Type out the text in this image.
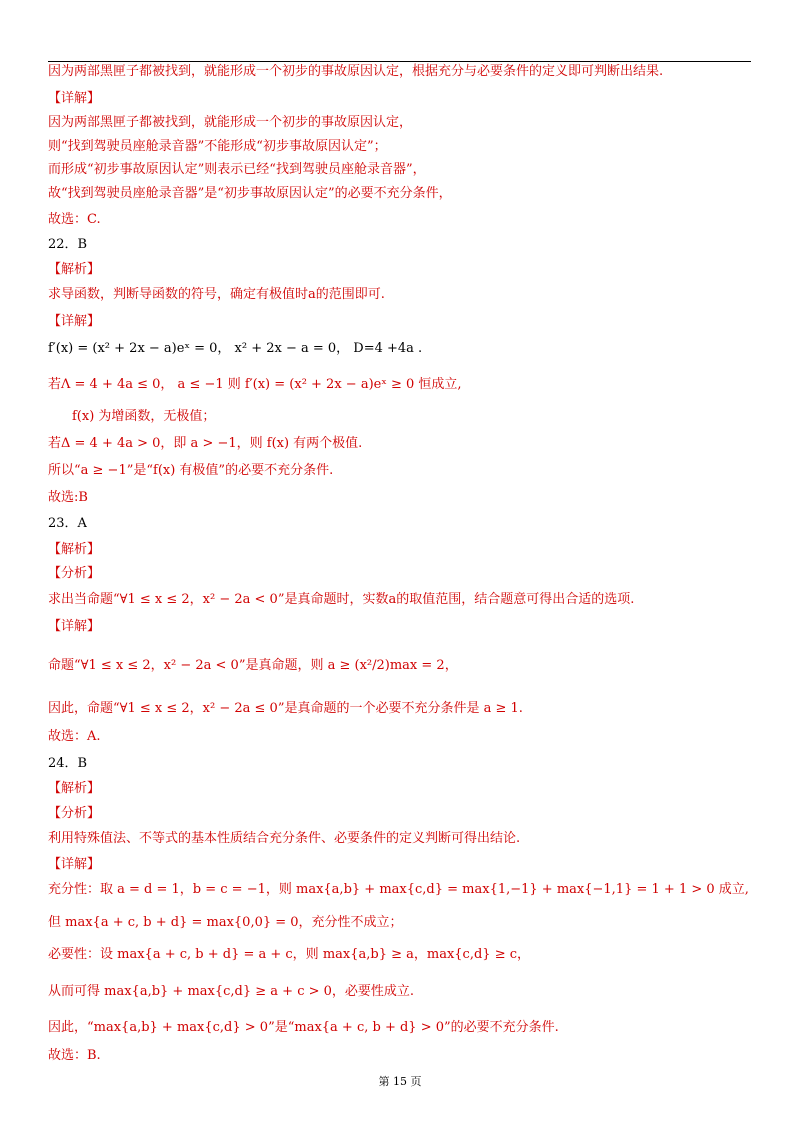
因为两部黑匣子都被找到，就能形成一个初步的事故原因认定，根据充分与必要条件的定义即可判断出结果.
【详解】
因为两部黑匣子都被找到，就能形成一个初步的事故原因认定，
则“找到驾驶员座舱录音器”不能形成“初步事故原因认定”；
而形成“初步事故原因认定”则表示已经“找到驾驶员座舱录音器”，
故“找到驾驶员座舱录音器”是“初步事故原因认定”的必要不充分条件，
故选：C.
22．B
【解析】
求导函数，判断导函数的符号，确定有极值时a的范围即可.
【详解】
f′(x) = (x² + 2x − a)eˣ = 0， x² + 2x − a = 0， D=4 +4a .
若Λ = 4 + 4a ≤ 0， a ≤ −1 则 f′(x) = (x² + 2x − a)eˣ ≥ 0 恒成立,
f(x) 为增函数，无极值；
若Δ = 4 + 4a > 0，即 a > −1，则 f(x) 有两个极值.
所以“a ≥ −1”是“f(x) 有极值”的必要不充分条件.
故选:B
23．A
【解析】
【分析】
求出当命题“∀1 ≤ x ≤ 2，x² − 2a < 0”是真命题时，实数a的取值范围，结合题意可得出合适的选项.
【详解】
命题“∀1 ≤ x ≤ 2，x² − 2a < 0”是真命题，则 a ≥ (x²/2)max = 2，
因此，命题“∀1 ≤ x ≤ 2，x² − 2a ≤ 0”是真命题的一个必要不充分条件是 a ≥ 1.
故选：A.
24．B
【解析】
【分析】
利用特殊值法、不等式的基本性质结合充分条件、必要条件的定义判断可得出结论.
【详解】
充分性：取 a = d = 1，b = c = −1，则 max{a,b} + max{c,d} = max{1,−1} + max{−1,1} = 1 + 1 > 0 成立,
但 max{a + c, b + d} = max{0,0} = 0，充分性不成立；
必要性：设 max{a + c, b + d} = a + c，则 max{a,b} ≥ a，max{c,d} ≥ c，
从而可得 max{a,b} + max{c,d} ≥ a + c > 0，必要性成立.
因此，“max{a,b} + max{c,d} > 0”是“max{a + c, b + d} > 0”的必要不充分条件.
故选：B.
第 15 页
